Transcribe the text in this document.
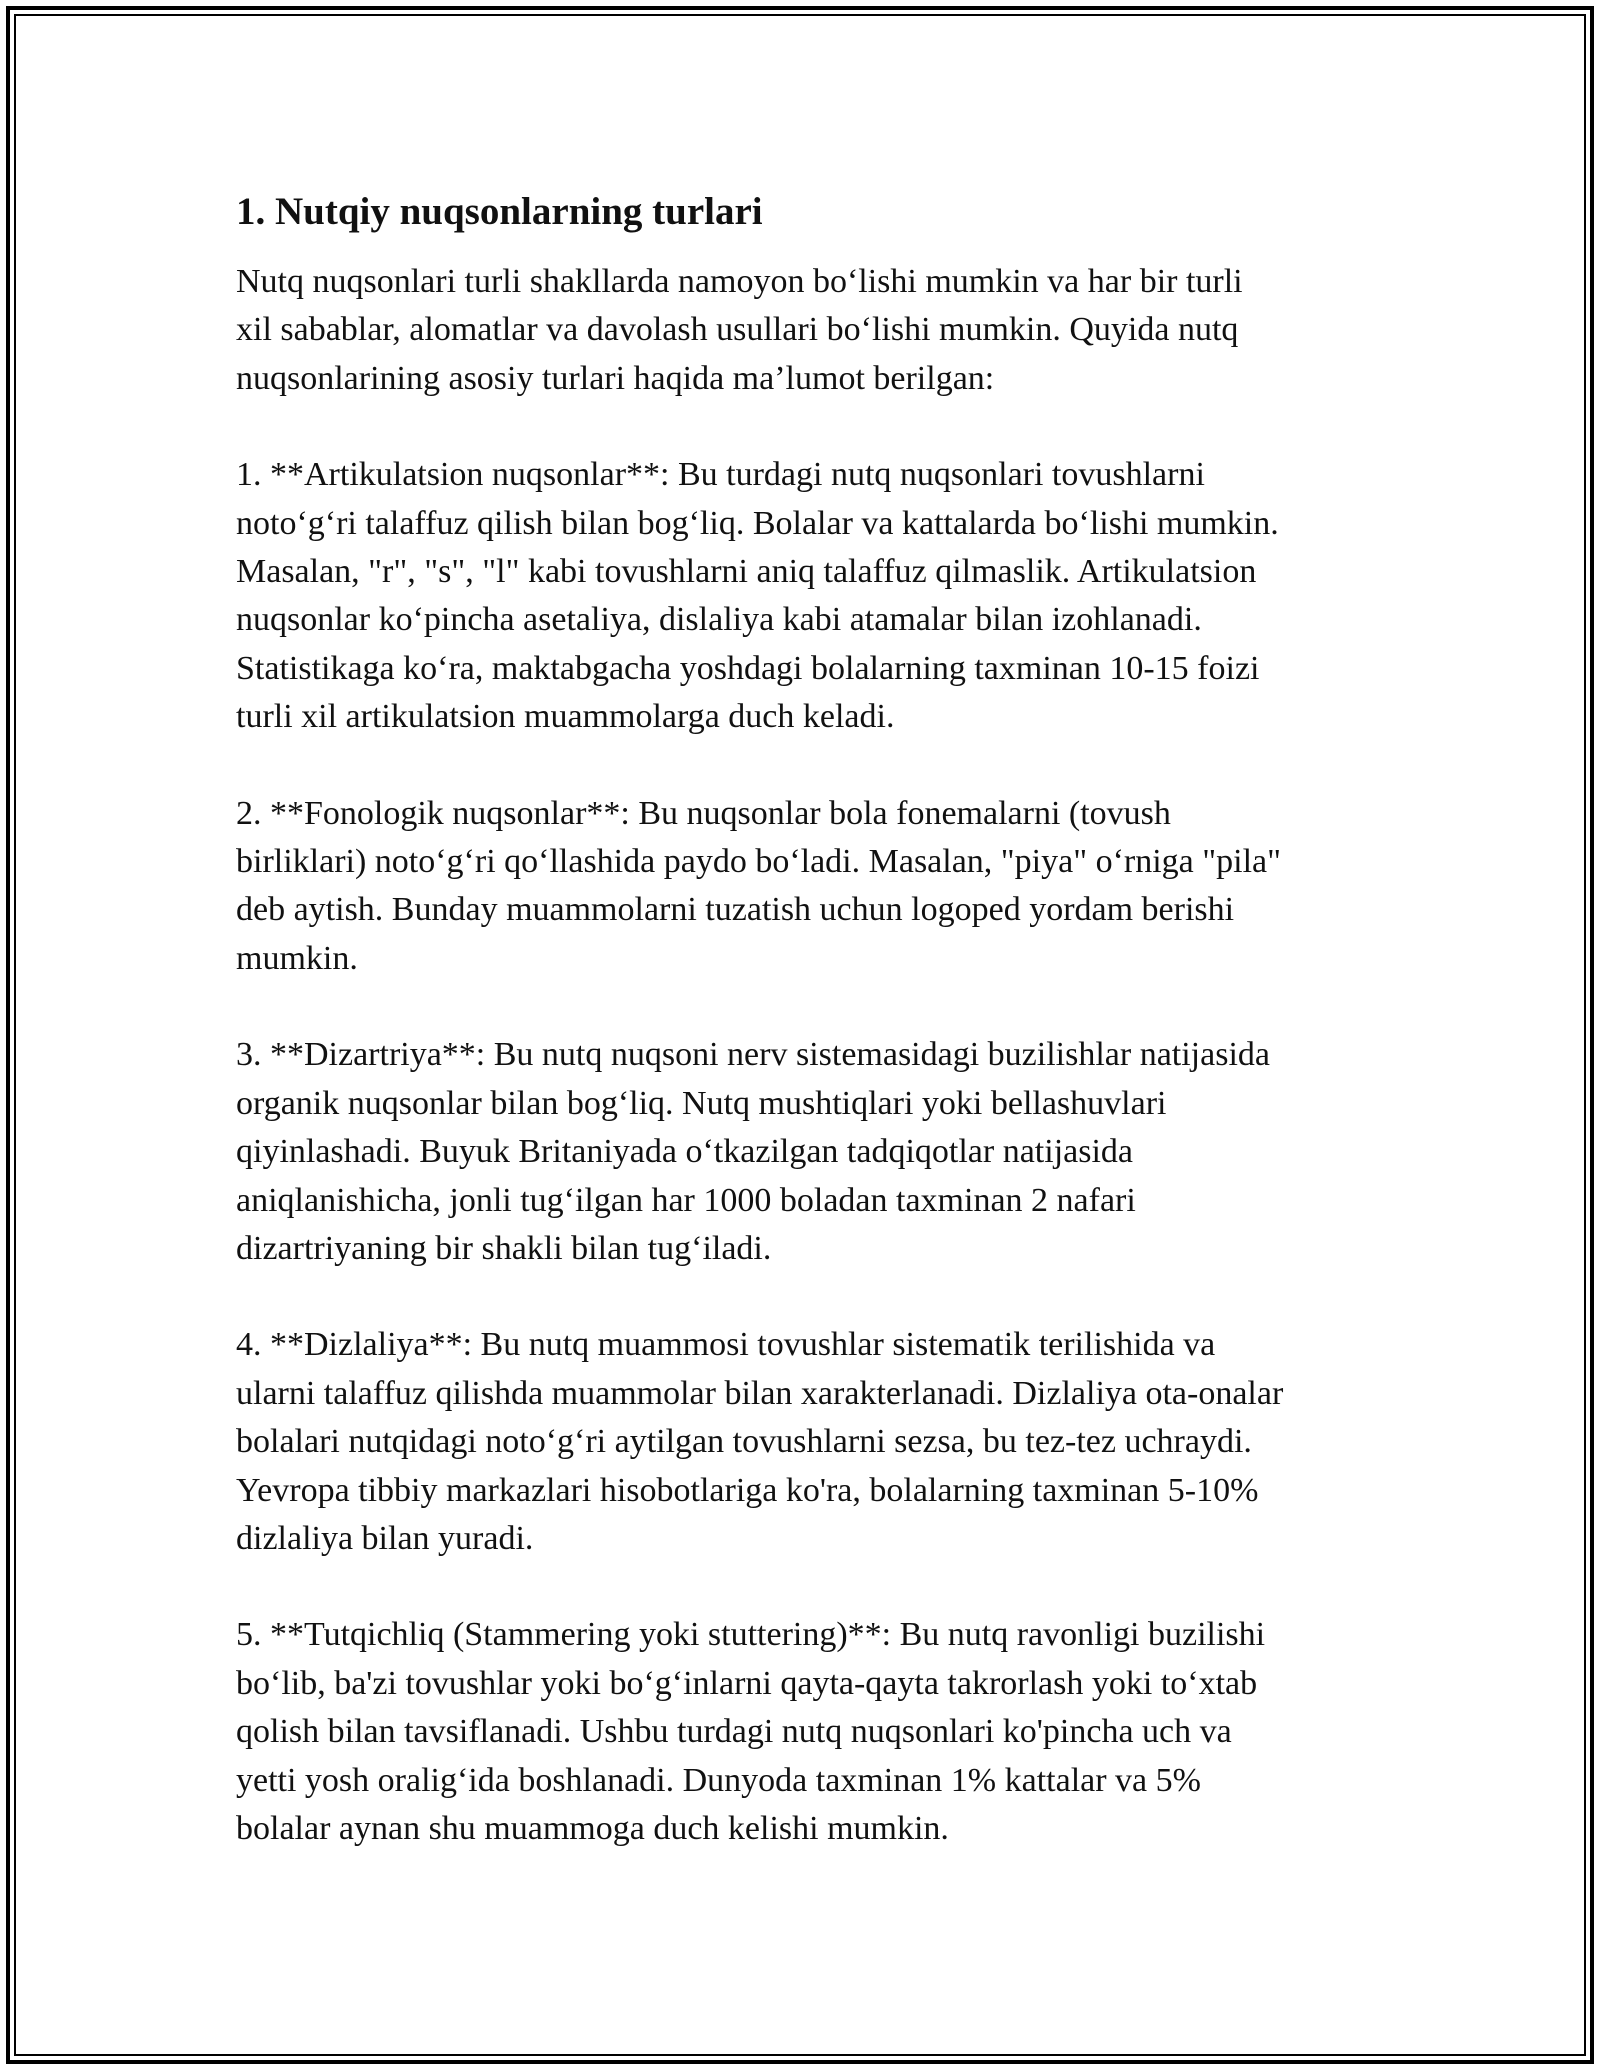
1. Nutqiy nuqsonlarning turlari
Nutq nuqsonlari turli shakllarda namoyon bo‘lishi mumkin va har bir turli
xil sabablar, alomatlar va davolash usullari bo‘lishi mumkin. Quyida nutq
nuqsonlarining asosiy turlari haqida ma’lumot berilgan:
1. **Artikulatsion nuqsonlar**: Bu turdagi nutq nuqsonlari tovushlarni
noto‘g‘ri talaffuz qilish bilan bog‘liq. Bolalar va kattalarda bo‘lishi mumkin.
Masalan, "r", "s", "l" kabi tovushlarni aniq talaffuz qilmaslik. Artikulatsion
nuqsonlar ko‘pincha asetaliya, dislaliya kabi atamalar bilan izohlanadi.
Statistikaga ko‘ra, maktabgacha yoshdagi bolalarning taxminan 10-15 foizi
turli xil artikulatsion muammolarga duch keladi.
2. **Fonologik nuqsonlar**: Bu nuqsonlar bola fonemalarni (tovush
birliklari) noto‘g‘ri qo‘llashida paydo bo‘ladi. Masalan, "piya" o‘rniga "pila"
deb aytish. Bunday muammolarni tuzatish uchun logoped yordam berishi
mumkin.
3. **Dizartriya**: Bu nutq nuqsoni nerv sistemasidagi buzilishlar natijasida
organik nuqsonlar bilan bog‘liq. Nutq mushtiqlari yoki bellashuvlari
qiyinlashadi. Buyuk Britaniyada o‘tkazilgan tadqiqotlar natijasida
aniqlanishicha, jonli tug‘ilgan har 1000 boladan taxminan 2 nafari
dizartriyaning bir shakli bilan tug‘iladi.
4. **Dizlaliya**: Bu nutq muammosi tovushlar sistematik terilishida va
ularni talaffuz qilishda muammolar bilan xarakterlanadi. Dizlaliya ota-onalar
bolalari nutqidagi noto‘g‘ri aytilgan tovushlarni sezsa, bu tez-tez uchraydi.
Yevropa tibbiy markazlari hisobotlariga ko'ra, bolalarning taxminan 5-10%
dizlaliya bilan yuradi.
5. **Tutqichliq (Stammering yoki stuttering)**: Bu nutq ravonligi buzilishi
bo‘lib, ba'zi tovushlar yoki bo‘g‘inlarni qayta-qayta takrorlash yoki to‘xtab
qolish bilan tavsiflanadi. Ushbu turdagi nutq nuqsonlari ko'pincha uch va
yetti yosh oralig‘ida boshlanadi. Dunyoda taxminan 1% kattalar va 5%
bolalar aynan shu muammoga duch kelishi mumkin.
